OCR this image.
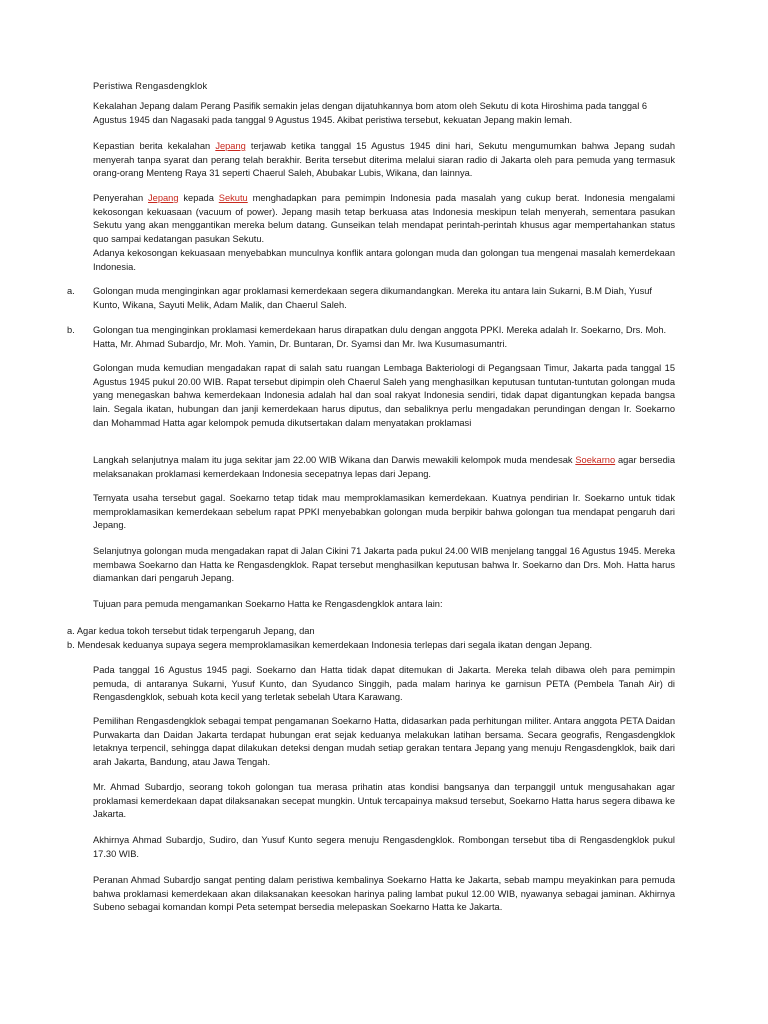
Peristiwa Rengasdengklok
Kekalahan Jepang dalam Perang Pasifik semakin jelas dengan dijatuhkannya bom atom oleh Sekutu di kota Hiroshima pada tanggal 6 Agustus 1945 dan Nagasaki pada tanggal 9 Agustus 1945. Akibat peristiwa tersebut, kekuatan Jepang makin lemah.
Kepastian berita kekalahan Jepang terjawab ketika tanggal 15 Agustus 1945 dini hari, Sekutu mengumumkan bahwa Jepang sudah menyerah tanpa syarat dan perang telah berakhir. Berita tersebut diterima melalui siaran radio di Jakarta oleh para pemuda yang termasuk orang-orang Menteng Raya 31 seperti Chaerul Saleh, Abubakar Lubis, Wikana, dan lainnya.
Penyerahan Jepang kepada Sekutu menghadapkan para pemimpin Indonesia pada masalah yang cukup berat. Indonesia mengalami kekosongan kekuasaan (vacuum of power). Jepang masih tetap berkuasa atas Indonesia meskipun telah menyerah, sementara pasukan Sekutu yang akan menggantikan mereka belum datang. Gunseikan telah mendapat perintah-perintah khusus agar mempertahankan status quo sampai kedatangan pasukan Sekutu.
Adanya kekosongan kekuasaan menyebabkan munculnya konflik antara golongan muda dan golongan tua mengenai masalah kemerdekaan Indonesia.
a. Golongan muda menginginkan agar proklamasi kemerdekaan segera dikumandangkan. Mereka itu antara lain Sukarni, B.M Diah, Yusuf Kunto, Wikana, Sayuti Melik, Adam Malik, dan Chaerul Saleh.
b. Golongan tua menginginkan proklamasi kemerdekaan harus dirapatkan dulu dengan anggota PPKI. Mereka adalah Ir. Soekarno, Drs. Moh. Hatta, Mr. Ahmad Subardjo, Mr. Moh. Yamin, Dr. Buntaran, Dr. Syamsi dan Mr. Iwa Kusumasumantri.
Golongan muda kemudian mengadakan rapat di salah satu ruangan Lembaga Bakteriologi di Pegangsaan Timur, Jakarta pada tanggal 15 Agustus 1945 pukul 20.00 WIB. Rapat tersebut dipimpin oleh Chaerul Saleh yang menghasilkan keputusan tuntutan-tuntutan golongan muda yang menegaskan bahwa kemerdekaan Indonesia adalah hal dan soal rakyat Indonesia sendiri, tidak dapat digantungkan kepada bangsa lain. Segala ikatan, hubungan dan janji kemerdekaan harus diputus, dan sebaliknya perlu mengadakan perundingan dengan Ir. Soekarno dan Mohammad Hatta agar kelompok pemuda dikutsertakan dalam menyatakan proklamasi
Langkah selanjutnya malam itu juga sekitar jam 22.00 WIB Wikana dan Darwis mewakili kelompok muda mendesak Soekarno agar bersedia melaksanakan proklamasi kemerdekaan Indonesia secepatnya lepas dari Jepang.
Ternyata usaha tersebut gagal. Soekarno tetap tidak mau memproklamasikan kemerdekaan. Kuatnya pendirian Ir. Soekarno untuk tidak memproklamasikan kemerdekaan sebelum rapat PPKI menyebabkan golongan muda berpikir bahwa golongan tua mendapat pengaruh dari Jepang.
Selanjutnya golongan muda mengadakan rapat di Jalan Cikini 71 Jakarta pada pukul 24.00 WIB menjelang tanggal 16 Agustus 1945. Mereka membawa Soekarno dan Hatta ke Rengasdengklok. Rapat tersebut menghasilkan keputusan bahwa Ir. Soekarno dan Drs. Moh. Hatta harus diamankan dari pengaruh Jepang.
Tujuan para pemuda mengamankan Soekarno Hatta ke Rengasdengklok antara lain:
a. Agar kedua tokoh tersebut tidak terpengaruh Jepang, dan
b. Mendesak keduanya supaya segera memproklamasikan kemerdekaan Indonesia terlepas dari segala ikatan dengan Jepang.
Pada tanggal 16 Agustus 1945 pagi. Soekarno dan Hatta tidak dapat ditemukan di Jakarta. Mereka telah dibawa oleh para pemimpin pemuda, di antaranya Sukarni, Yusuf Kunto, dan Syudanco Singgih, pada malam harinya ke garnisun PETA (Pembela Tanah Air) di Rengasdengklok, sebuah kota kecil yang terletak sebelah Utara Karawang.
Pemilihan Rengasdengklok sebagai tempat pengamanan Soekarno Hatta, didasarkan pada perhitungan militer. Antara anggota PETA Daidan Purwakarta dan Daidan Jakarta terdapat hubungan erat sejak keduanya melakukan latihan bersama. Secara geografis, Rengasdengklok letaknya terpencil, sehingga dapat dilakukan deteksi dengan mudah setiap gerakan tentara Jepang yang menuju Rengasdengklok, baik dari arah Jakarta, Bandung, atau Jawa Tengah.
Mr. Ahmad Subardjo, seorang tokoh golongan tua merasa prihatin atas kondisi bangsanya dan terpanggil untuk mengusahakan agar proklamasi kemerdekaan dapat dilaksanakan secepat mungkin. Untuk tercapainya maksud tersebut, Soekarno Hatta harus segera dibawa ke Jakarta.
Akhirnya Ahmad Subardjo, Sudiro, dan Yusuf Kunto segera menuju Rengasdengklok. Rombongan tersebut tiba di Rengasdengklok pukul 17.30 WIB.
Peranan Ahmad Subardjo sangat penting dalam peristiwa kembalinya Soekarno Hatta ke Jakarta, sebab mampu meyakinkan para pemuda bahwa proklamasi kemerdekaan akan dilaksanakan keesokan harinya paling lambat pukul 12.00 WIB, nyawanya sebagai jaminan. Akhirnya Subeno sebagai komandan kompi Peta setempat bersedia melepaskan Soekarno Hatta ke Jakarta.
